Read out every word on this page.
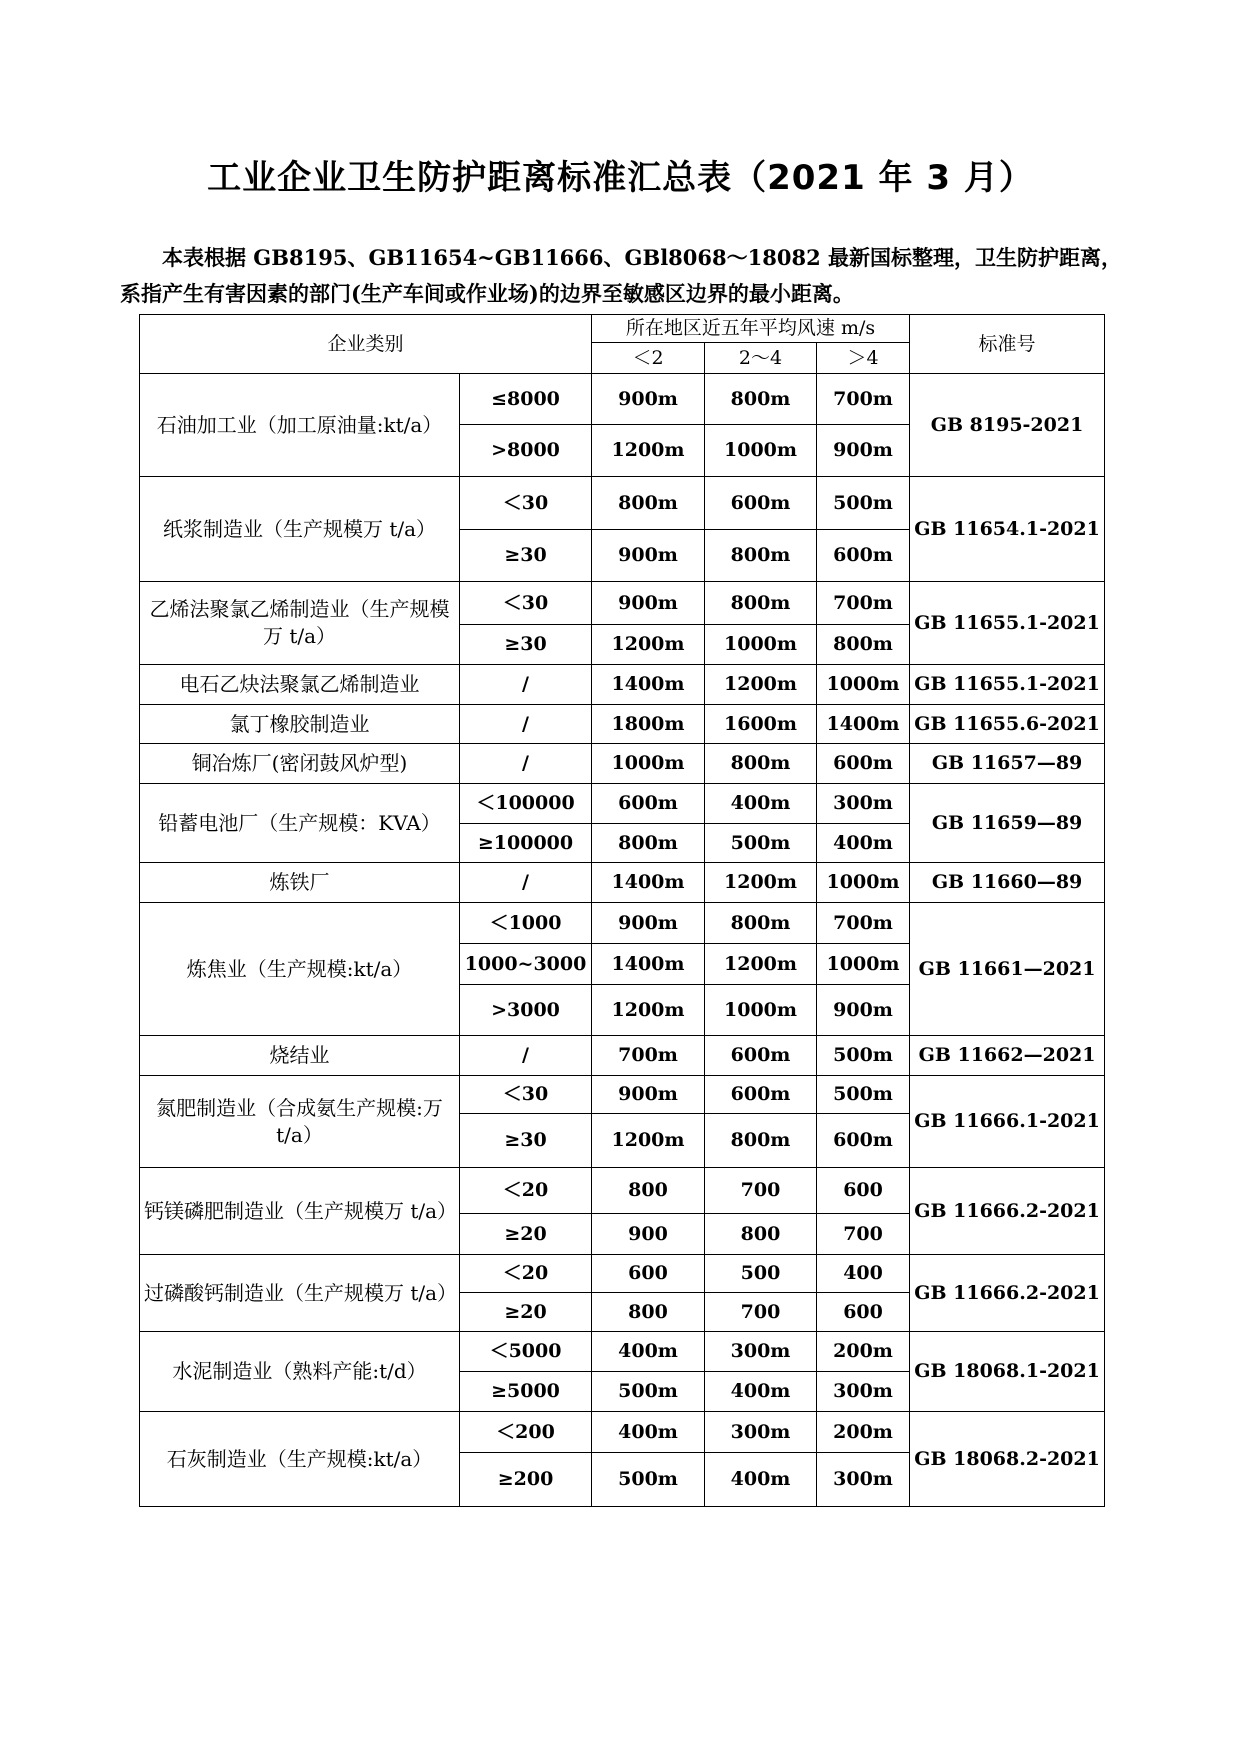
工业企业卫生防护距离标准汇总表（2021 年 3 月）
本表根据 GB8195、GB11654~GB11666、GBl8068～18082 最新国标整理，卫生防护距离，系指产生有害因素的部门(生产车间或作业场)的边界至敏感区边界的最小距离。
企业类别		所在地区近五年平均风速 m/s			标准号
		＜2	2～4	＞4	
石油加工业（加工原油量:kt/a）	≤8000	900m	800m	700m	GB 8195-2021
	>8000	1200m	1000m	900m	
纸浆制造业（生产规模万 t/a）	＜30	800m	600m	500m	GB 11654.1-2021
	≥30	900m	800m	600m	
乙烯法聚氯乙烯制造业（生产规模万 t/a）	＜30	900m	800m	700m	GB 11655.1-2021
	≥30	1200m	1000m	800m	
电石乙炔法聚氯乙烯制造业	/	1400m	1200m	1000m	GB 11655.1-2021
氯丁橡胶制造业	/	1800m	1600m	1400m	GB 11655.6-2021
铜冶炼厂(密闭鼓风炉型)	/	1000m	800m	600m	GB 11657—89
铅蓄电池厂（生产规模：KVA）	＜100000	600m	400m	300m	GB 11659—89
	≥100000	800m	500m	400m	
炼铁厂	/	1400m	1200m	1000m	GB 11660—89
炼焦业（生产规模:kt/a）	＜1000	900m	800m	700m	GB 11661—2021
	1000~3000	1400m	1200m	1000m	
	>3000	1200m	1000m	900m	
烧结业	/	700m	600m	500m	GB 11662—2021
氮肥制造业（合成氨生产规模:万 t/a）	＜30	900m	600m	500m	GB 11666.1-2021
	≥30	1200m	800m	600m	
钙镁磷肥制造业（生产规模万 t/a）	＜20	800	700	600	GB 11666.2-2021
	≥20	900	800	700	
过磷酸钙制造业（生产规模万 t/a）	＜20	600	500	400	GB 11666.2-2021
	≥20	800	700	600	
水泥制造业（熟料产能:t/d）	＜5000	400m	300m	200m	GB 18068.1-2021
	≥5000	500m	400m	300m	
石灰制造业（生产规模:kt/a）	＜200	400m	300m	200m	GB 18068.2-2021
	≥200	500m	400m	300m	
